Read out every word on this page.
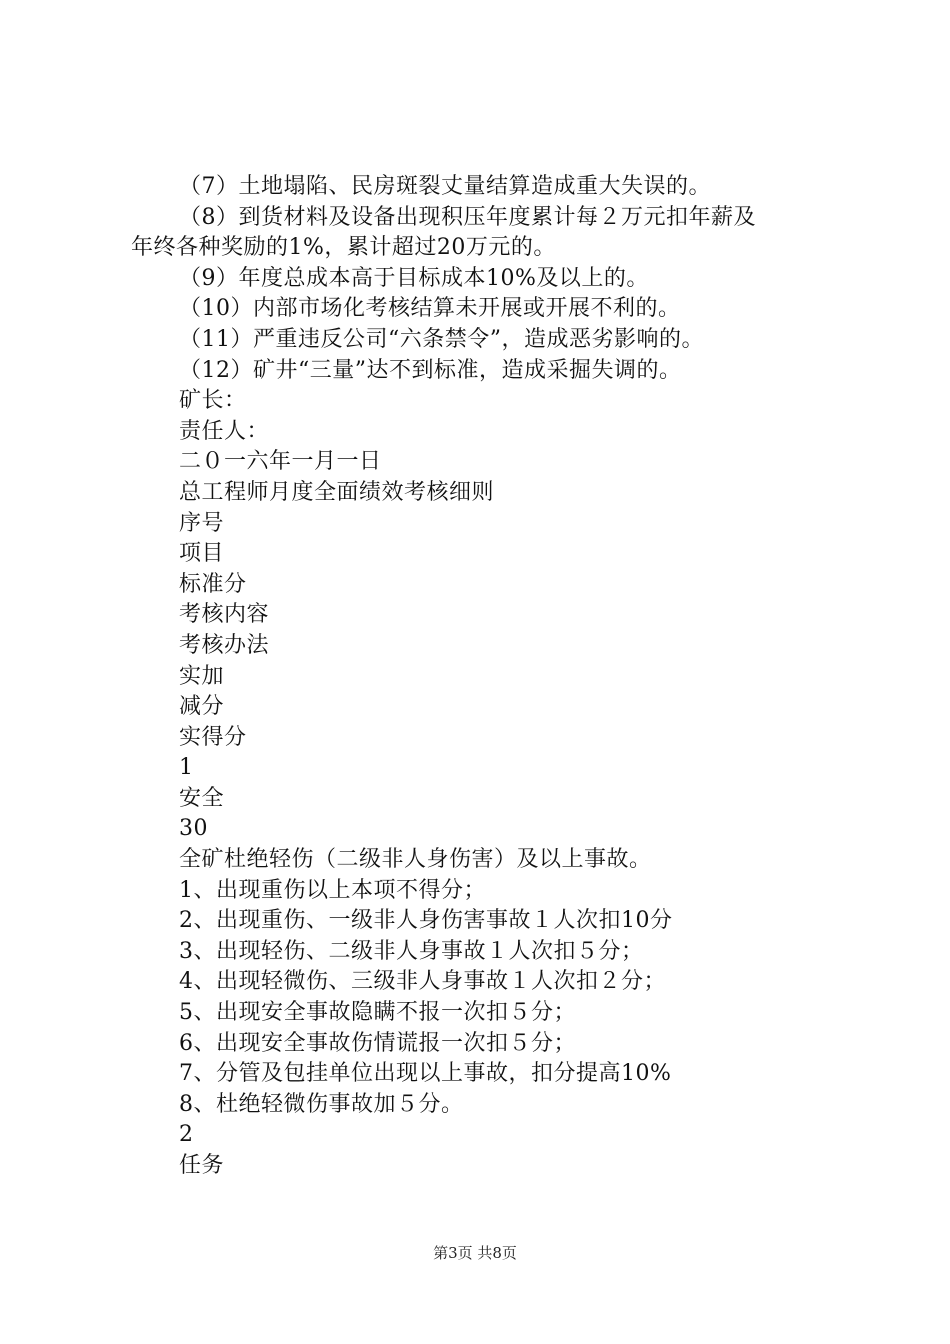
（7）土地塌陷、民房斑裂丈量结算造成重大失误的。
（8）到货材料及设备出现积压年度累计每２万元扣年薪及
年终各种奖励的1%，累计超过20万元的。
（9）年度总成本高于目标成本10%及以上的。
（10）内部市场化考核结算未开展或开展不利的。
（11）严重违反公司“六条禁令”，造成恶劣影响的。
（12）矿井“三量”达不到标准，造成采掘失调的。
矿长：
责任人：
二０一六年一月一日
总工程师月度全面绩效考核细则
序号
项目
标准分
考核内容
考核办法
实加
减分
实得分
1
安全
30
全矿杜绝轻伤（二级非人身伤害）及以上事故。
1、出现重伤以上本项不得分；
2、出现重伤、一级非人身伤害事故１人次扣10分
3、出现轻伤、二级非人身事故１人次扣５分；
4、出现轻微伤、三级非人身事故１人次扣２分；
5、出现安全事故隐瞒不报一次扣５分；
6、出现安全事故伤情谎报一次扣５分；
7、分管及包挂单位出现以上事故，扣分提高10%
8、杜绝轻微伤事故加５分。
2
任务
第3页 共8页
